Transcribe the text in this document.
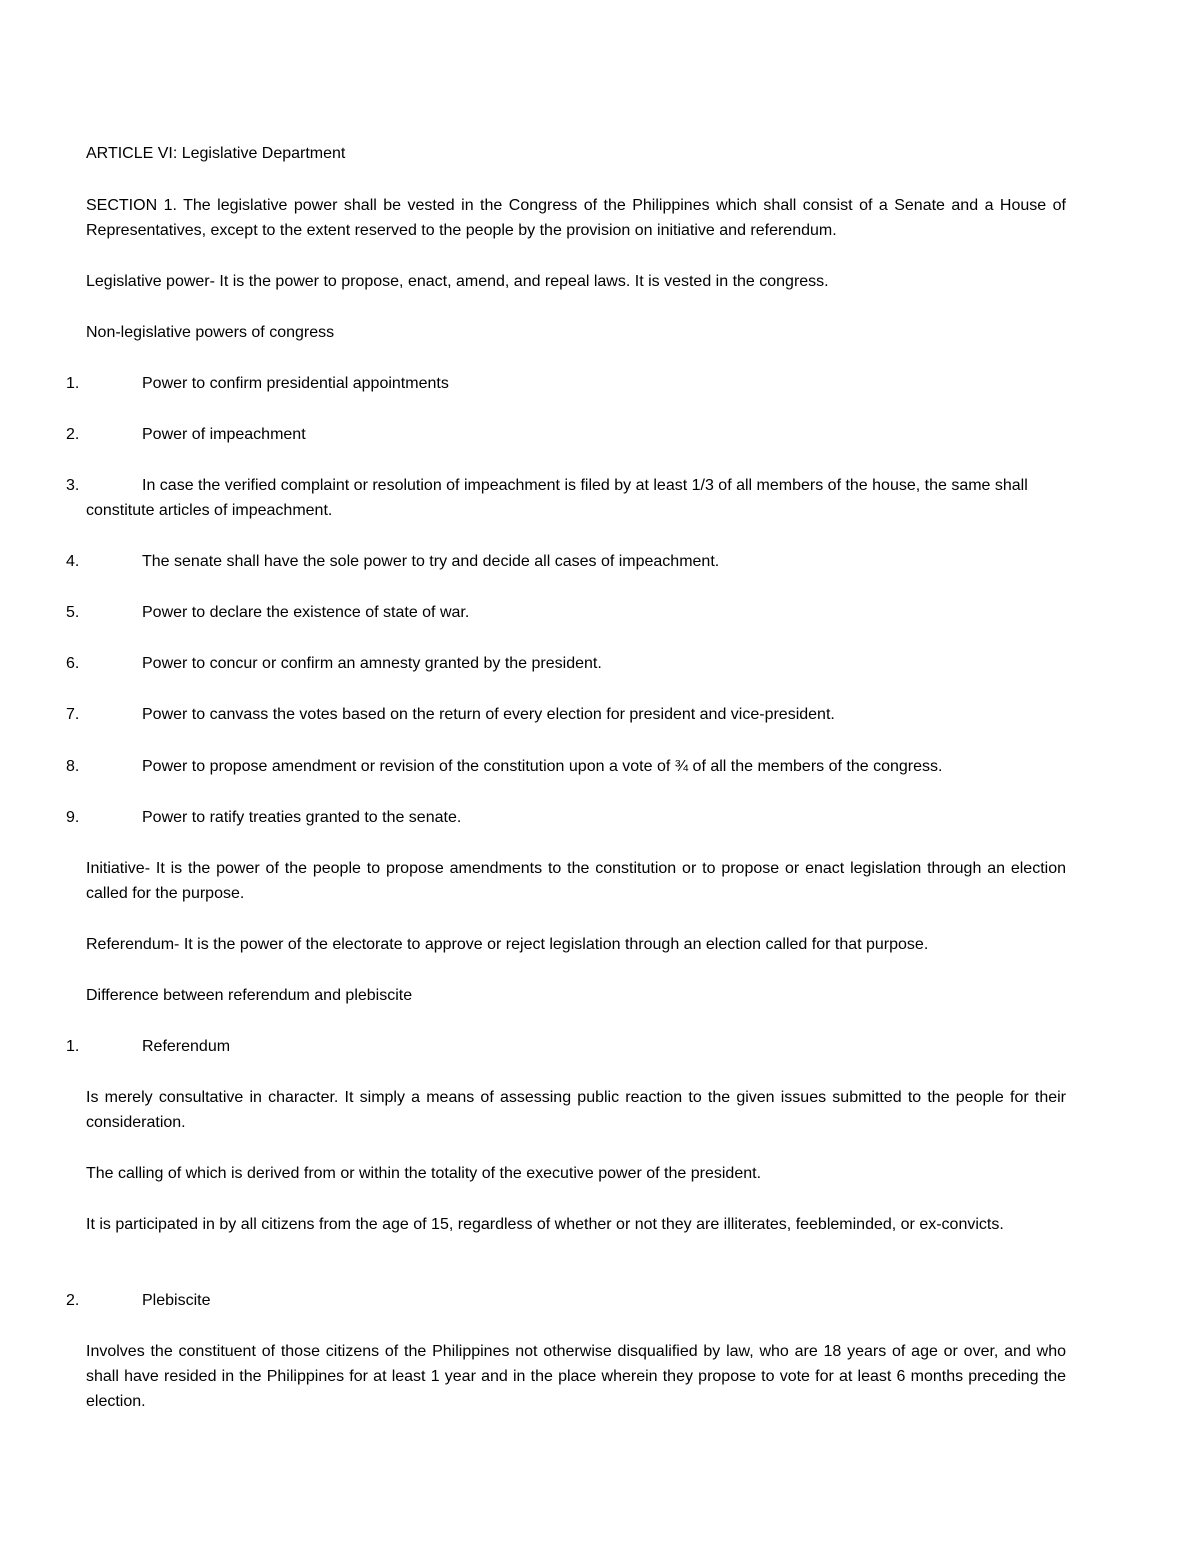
ARTICLE VI: Legislative Department

SECTION 1. The legislative power shall be vested in the Congress of the Philippines which shall consist of a Senate and a House of Representatives, except to the extent reserved to the people by the provision on initiative and referendum.

Legislative power- It is the power to propose, enact, amend, and repeal laws. It is vested in the congress.

Non-legislative powers of congress

1.	Power to confirm presidential appointments
2.	Power of impeachment
3.	In case the verified complaint or resolution of impeachment is filed by at least 1/3 of all members of the house, the same shall constitute articles of impeachment.
4.	The senate shall have the sole power to try and decide all cases of impeachment.
5.	Power to declare the existence of state of war.
6.	Power to concur or confirm an amnesty granted by the president.
7.	Power to canvass the votes based on the return of every election for president and vice-president.
8.	Power to propose amendment or revision of the constitution upon a vote of ¾ of all the members of the congress.
9.	Power to ratify treaties granted to the senate.

Initiative- It is the power of the people to propose amendments to the constitution or to propose or enact legislation through an election called for the purpose.

Referendum- It is the power of the electorate to approve or reject legislation through an election called for that purpose.

Difference between referendum and plebiscite

1.	Referendum

Is merely consultative in character. It simply a means of assessing public reaction to the given issues submitted to the people for their consideration.

The calling of which is derived from or within the totality of the executive power of the president.

It is participated in by all citizens from the age of 15, regardless of whether or not they are illiterates, feebleminded, or ex-convicts.

2.	Plebiscite

Involves the constituent of those citizens of the Philippines not otherwise disqualified by law, who are 18 years of age or over, and who shall have resided in the Philippines for at least 1 year and in the place wherein they propose to vote for at least 6 months preceding the election.
